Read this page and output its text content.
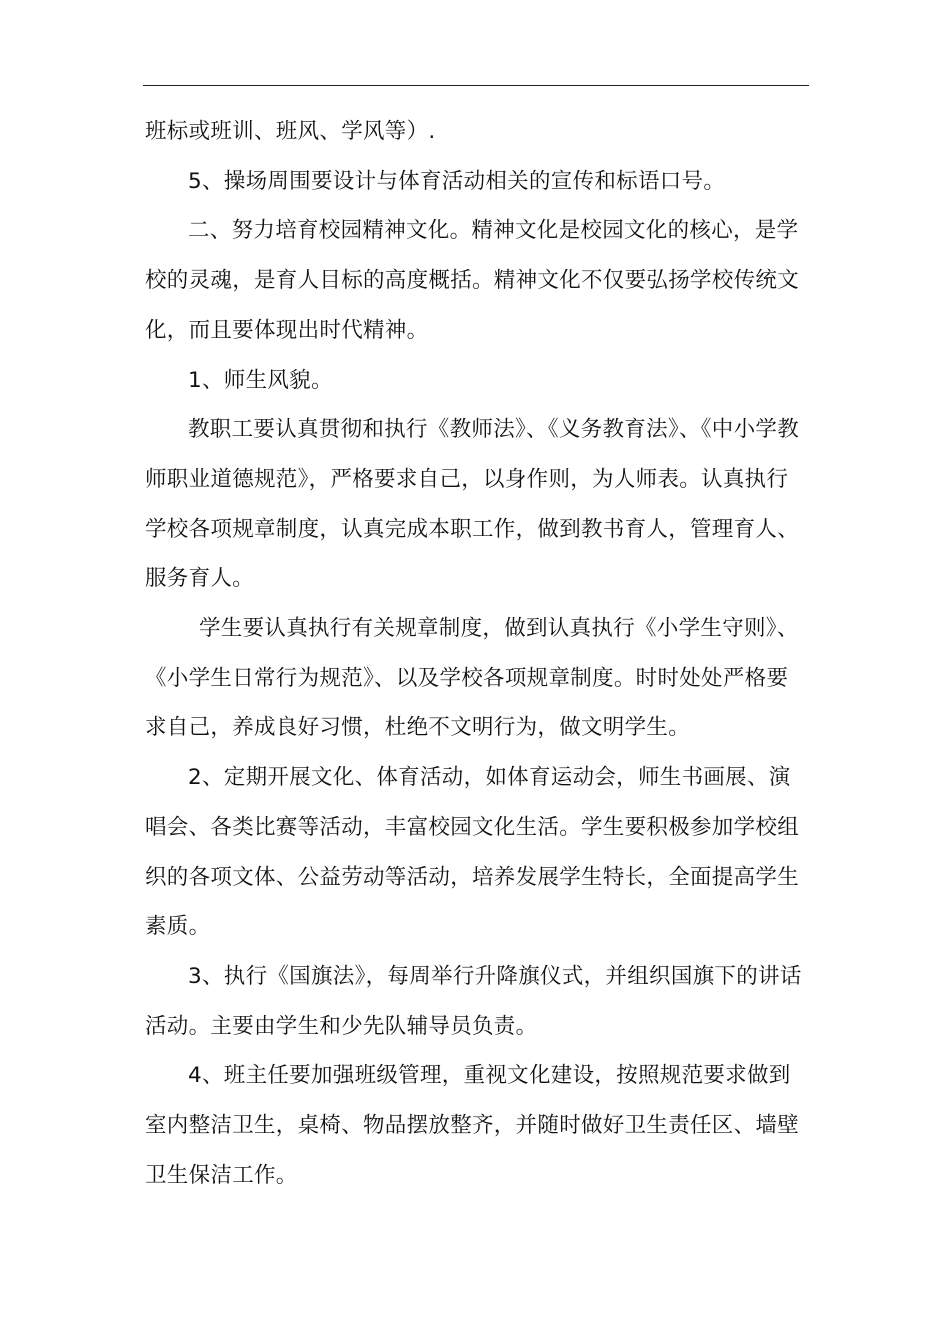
班标或班训、班风、学风等）.

5、操场周围要设计与体育活动相关的宣传和标语口号。

二、努力培育校园精神文化。精神文化是校园文化的核心，是学
校的灵魂，是育人目标的高度概括。精神文化不仅要弘扬学校传统文
化，而且要体现出时代精神。

1、师生风貌。

教职工要认真贯彻和执行《教师法》、《义务教育法》、《中小学教
师职业道德规范》，严格要求自己，以身作则，为人师表。认真执行
学校各项规章制度，认真完成本职工作，做到教书育人，管理育人、
服务育人。

学生要认真执行有关规章制度，做到认真执行《小学生守则》、
《小学生日常行为规范》、以及学校各项规章制度。时时处处严格要
求自己，养成良好习惯，杜绝不文明行为，做文明学生。

2、定期开展文化、体育活动，如体育运动会，师生书画展、演
唱会、各类比赛等活动，丰富校园文化生活。学生要积极参加学校组
织的各项文体、公益劳动等活动，培养发展学生特长，全面提高学生
素质。

3、执行《国旗法》，每周举行升降旗仪式，并组织国旗下的讲话
活动。主要由学生和少先队辅导员负责。

4、班主任要加强班级管理，重视文化建设，按照规范要求做到
室内整洁卫生，桌椅、物品摆放整齐，并随时做好卫生责任区、墙壁
卫生保洁工作。
